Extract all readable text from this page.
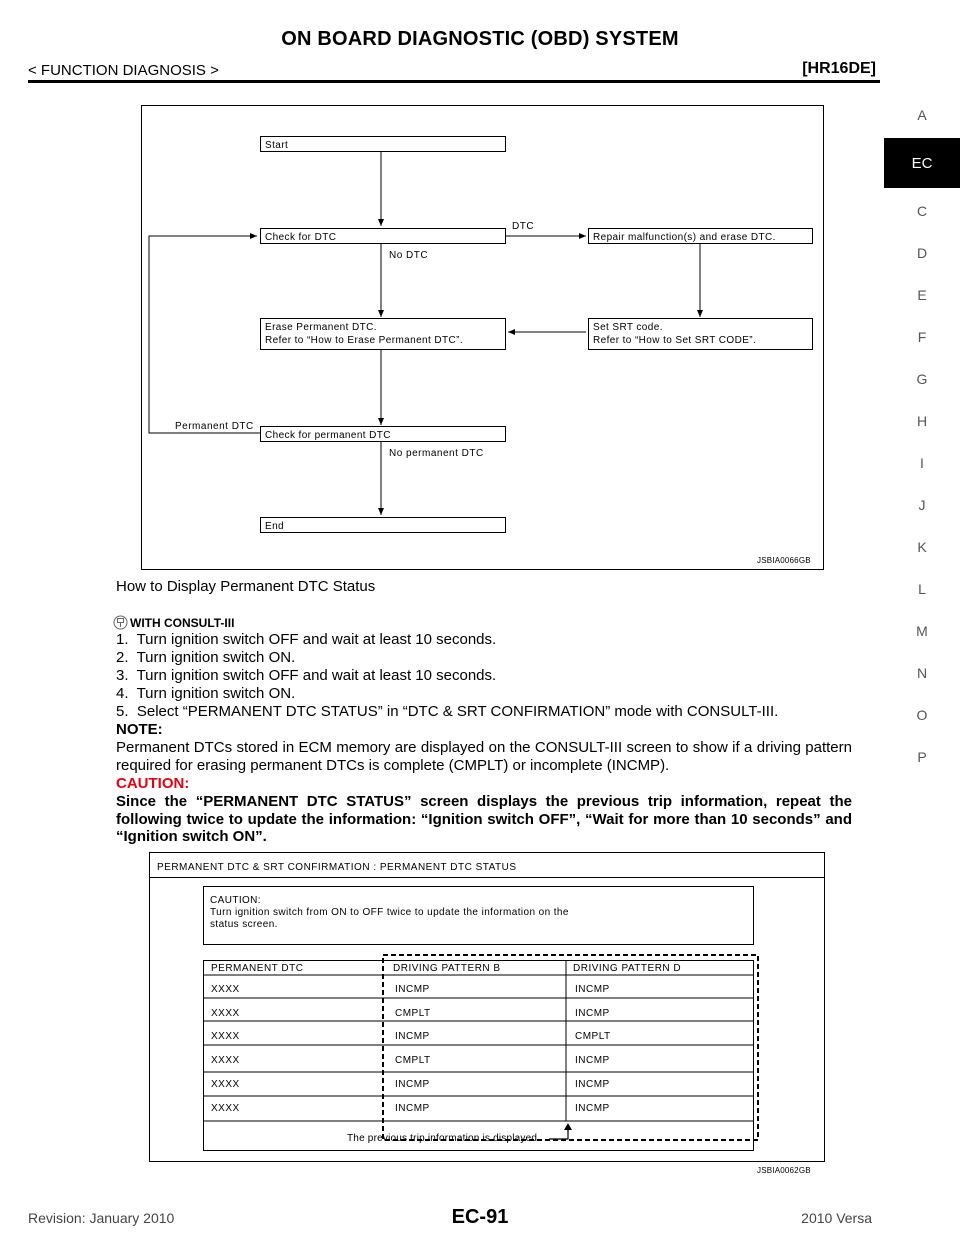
ON BOARD DIAGNOSTIC (OBD) SYSTEM
< FUNCTION DIAGNOSIS >	[HR16DE]
A
EC
C
D
E
F
G
H
I
J
K
L
M
N
O
P
Start
Check for DTC
DTC
Repair malfunction(s) and erase DTC.
No DTC
Erase Permanent DTC.
Refer to “How to Erase Permanent DTC”.
Set SRT code.
Refer to “How to Set SRT CODE”.
Permanent DTC
Check for permanent DTC
No permanent DTC
End
JSBIA0066GB
How to Display Permanent DTC Status
WITH CONSULT-III
1.  Turn ignition switch OFF and wait at least 10 seconds.
2.  Turn ignition switch ON.
3.  Turn ignition switch OFF and wait at least 10 seconds.
4.  Turn ignition switch ON.
5.  Select “PERMANENT DTC STATUS” in “DTC & SRT CONFIRMATION” mode with CONSULT-III.
NOTE:
Permanent DTCs stored in ECM memory are displayed on the CONSULT-III screen to show if a driving pattern required for erasing permanent DTCs is complete (CMPLT) or incomplete (INCMP).
CAUTION:
Since the “PERMANENT DTC STATUS” screen displays the previous trip information, repeat the following twice to update the information: “Ignition switch OFF”, “Wait for more than 10 seconds” and “Ignition switch ON”.
PERMANENT DTC & SRT CONFIRMATION : PERMANENT DTC STATUS
CAUTION:
Turn ignition switch from ON to OFF twice to update the information on the
status screen.
PERMANENT DTC	DRIVING PATTERN B	DRIVING PATTERN D
XXXX	INCMP	INCMP
XXXX	CMPLT	INCMP
XXXX	INCMP	CMPLT
XXXX	CMPLT	INCMP
XXXX	INCMP	INCMP
XXXX	INCMP	INCMP
The previous trip information is displayed.
JSBIA0062GB
Revision: January 2010	EC-91	2010 Versa
